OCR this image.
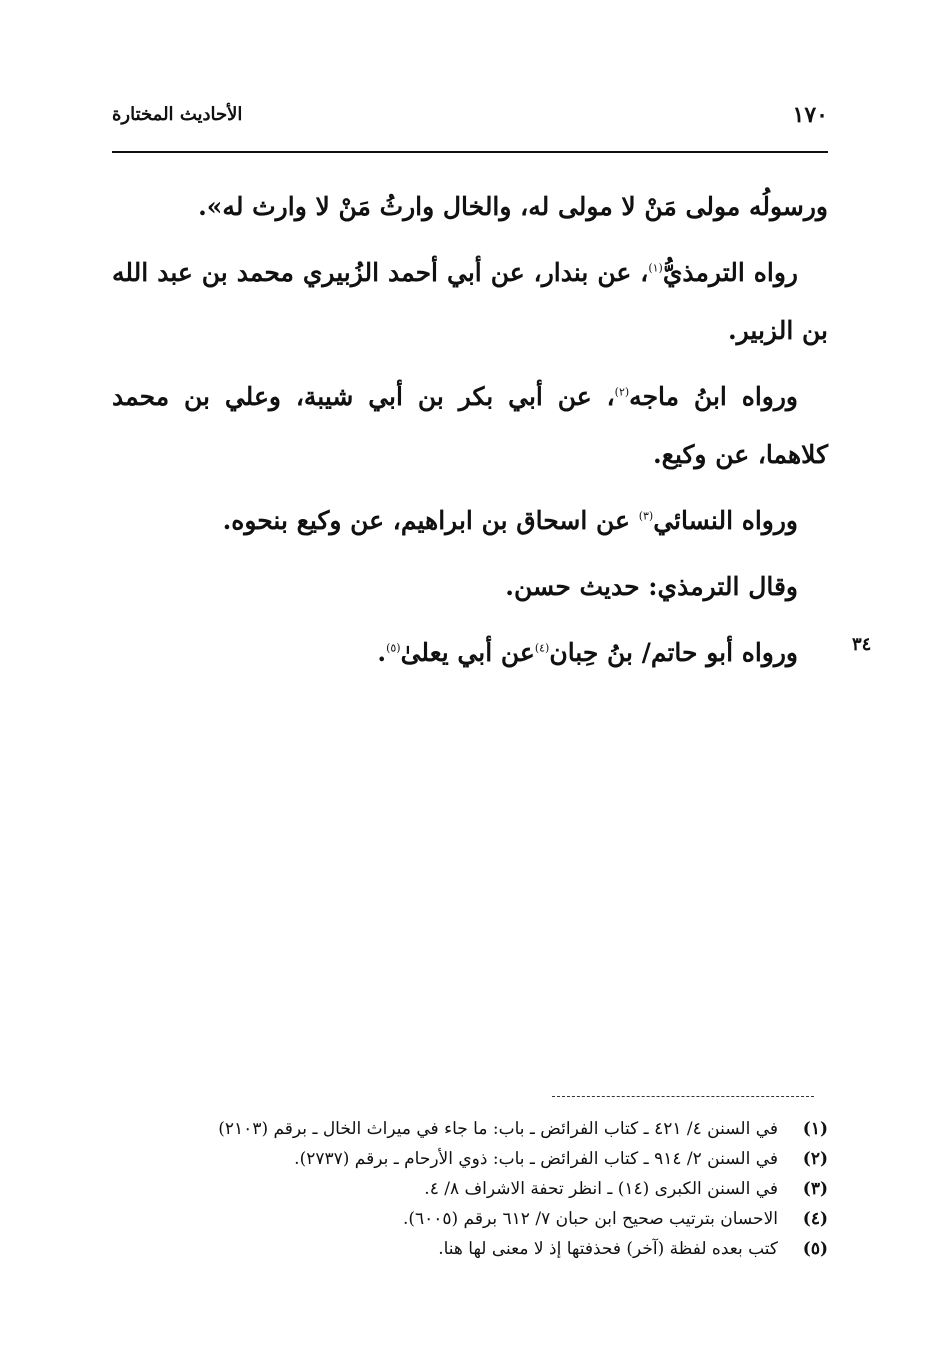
١٧٠
الأحاديث المختارة

ورسولُه مولى مَنْ لا مولى له، والخال وارثُ مَنْ لا وارث له».

رواه الترمذيُّ$^{(١)}$، عن بندار، عن أبي أحمد الزُبيري محمد بن عبد الله بن الزبير.

ورواه ابنُ ماجه$^{(٢)}$، عن أبي بكر بن أبي شيبة، وعلي بن محمد كلاهما، عن وكيع.

ورواه النسائي$^{(٣)}$ عن اسحاق بن ابراهيم، عن وكيع بنحوه.

وقال الترمذي: حديث حسن.

ورواه أبو حاتم/ بنُ حِبان$^{(٤)}$عن أبي يعلىٰ$^{(٥)}$.	٣٤
(١)
في السنن ٤/ ٤٢١ ـ كتاب الفرائض ـ باب: ما جاء في ميراث الخال ـ برقم (٢١٠٣)
(٢)
في السنن ٢/ ٩١٤ ـ كتاب الفرائض ـ باب: ذوي الأرحام ـ برقم (٢٧٣٧).
(٣)
في السنن الكبرى (١٤) ـ انظر تحفة الاشراف ٨/ ٤.
(٤)
الاحسان بترتيب صحيح ابن حبان ٧/ ٦١٢ برقم (٦٠٠٥).
(٥)
كتب بعده لفظة (آخر) فحذفتها إذ لا معنى لها هنا.
